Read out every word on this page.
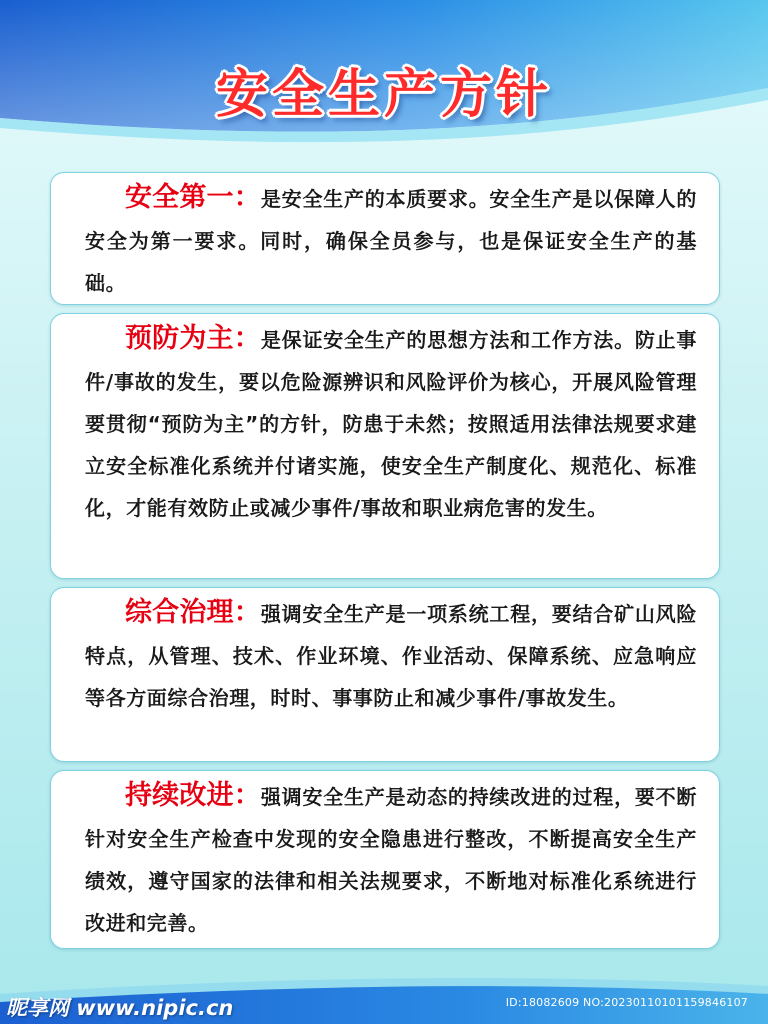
安全生产方针

安全第一：是安全生产的本质要求。安全生产是以保障人的安全为第一要求。同时，确保全员参与，也是保证安全生产的基础。

预防为主：是保证安全生产的思想方法和工作方法。防止事件/事故的发生，要以危险源辨识和风险评价为核心，开展风险管理要贯彻“预防为主”的方针，防患于未然；按照适用法律法规要求建立安全标准化系统并付诸实施，使安全生产制度化、规范化、标准化，才能有效防止或减少事件/事故和职业病危害的发生。

综合治理：强调安全生产是一项系统工程，要结合矿山风险特点，从管理、技术、作业环境、作业活动、保障系统、应急响应等各方面综合治理，时时、事事防止和减少事件/事故发生。

持续改进：强调安全生产是动态的持续改进的过程，要不断针对安全生产检查中发现的安全隐患进行整改，不断提高安全生产绩效，遵守国家的法律和相关法规要求，不断地对标准化系统进行改进和完善。

昵享网 www.nipic.cn	ID:18082609 NO:20230110101159846107
